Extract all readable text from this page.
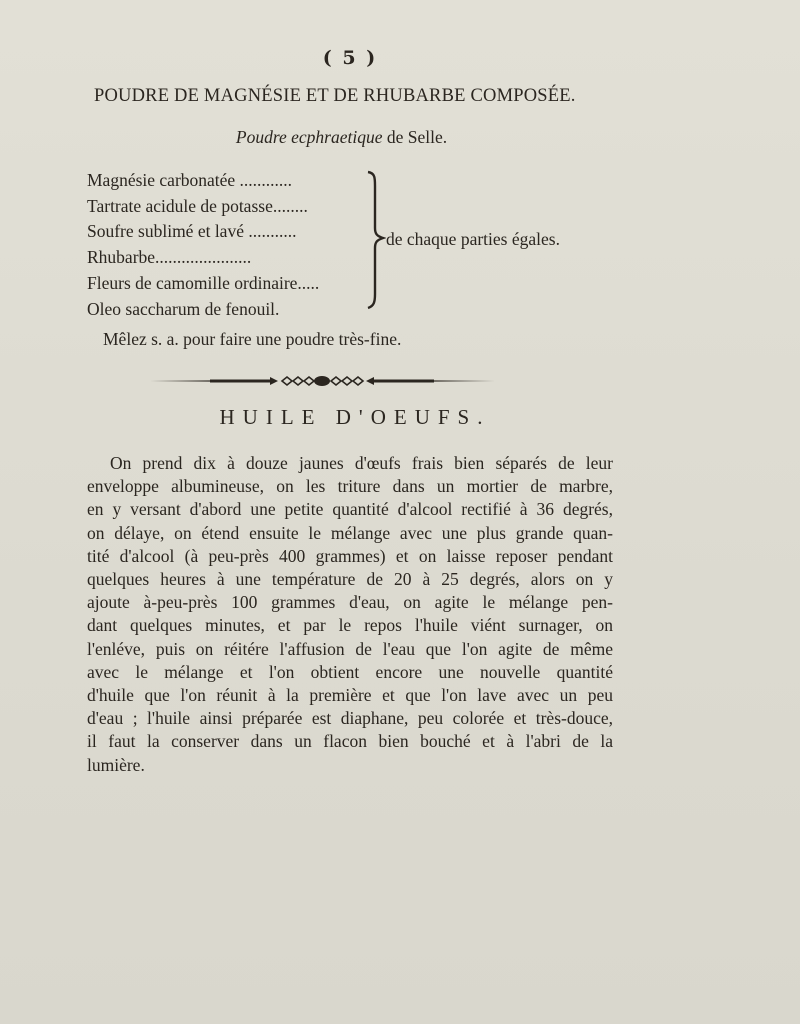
( 5 )
POUDRE DE MAGNÉSIE ET DE RHUBARBE COMPOSÉE.
Poudre ecphraetique de Selle.
Magnésie carbonatée ............
Tartrate acidule de potasse........
Soufre sublimé et lavé ...........
Rhubarbe......................
Fleurs de camomille ordinaire.....
Oleo saccharum de fenouil.
de chaque parties égales.
Mêlez s. a. pour faire une poudre très-fine.
HUILE D'OEUFS.
On prend dix à douze jaunes d'œufs frais bien séparés de leur
enveloppe albumineuse, on les triture dans un mortier de marbre,
en y versant d'abord une petite quantité d'alcool rectifié à 36 degrés,
on délaye, on étend ensuite le mélange avec une plus grande quan-
tité d'alcool (à peu-près 400 grammes) et on laisse reposer pendant
quelques heures à une température de 20 à 25 degrés, alors on y
ajoute à-peu-près 100 grammes d'eau, on agite le mélange pen-
dant quelques minutes, et par le repos l'huile viént surnager, on
l'enléve, puis on réitére l'affusion de l'eau que l'on agite de même
avec le mélange et l'on obtient encore une nouvelle quantité
d'huile que l'on réunit à la première et que l'on lave avec un peu
d'eau ; l'huile ainsi préparée est diaphane, peu colorée et très-douce,
il faut la conserver dans un flacon bien bouché et à l'abri de la
lumière.
